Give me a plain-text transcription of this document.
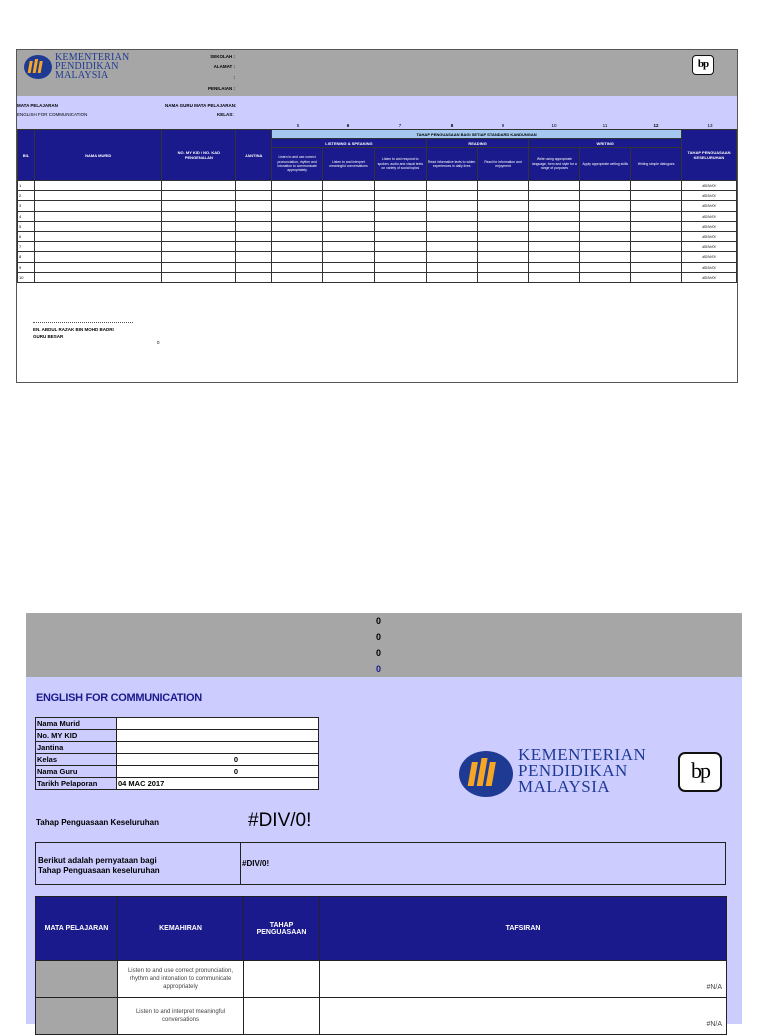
KEMENTERIAN
PENDIDIKAN
MALAYSIA
SEKOLAH :
ALAMAT :
:
PENILAIAN :
bp
MATA PELAJARAN
ENGLISH FOR COMMUNICATION
NAMA GURU MATA PELAJARAN:
KELAS:
5	6	7	8	9	10	11	12	13
BIL	NAMA MURID	NO. MY KID / NO. KAD PENGENALAN	JANTINA	TAHAP PENGUASAAN BAGI SETIAP STANDARD KANDUNGAN								TAHAP PENGUASAAN KESELURUHAN
				LISTENING & SPEAKING			READING		WRITING			
				Listen to and use correct pronunciation, rhythm and intonation to communicate appropriately	Listen to and interpret meaningful conversations	Listen to and respond to spoken, audio and visual texts on variety of social topics	Read informative texts to widen experiences in daily lives	Read for information and enjoyment	Write using appropriate language, form and style for a range of purposes	Apply appropriate writing skills	Writing simple dialogues	
1												#DIV/0!
2												#DIV/0!
3												#DIV/0!
4												#DIV/0!
5												#DIV/0!
6												#DIV/0!
7												#DIV/0!
8												#DIV/0!
9												#DIV/0!
10												#DIV/0!
EN. ABDUL RAZAK BIN MOHD BADRI
GURU BESAR
0
0
0
0
0
ENGLISH FOR COMMUNICATION
Nama Murid	
No. MY KID	
Jantina	
Kelas	0
Nama Guru	0
Tarikh Pelaporan	04 MAC 2017
KEMENTERIAN
PENDIDIKAN
MALAYSIA
bp
Tahap Penguasaan Keseluruhan	#DIV/0!
Berikut adalah pernyataan bagi
Tahap Penguasaan keseluruhan
#DIV/0!
MATA PELAJARAN	KEMAHIRAN	TAHAP PENGUASAAN	TAFSIRAN
	Listen to and use correct pronunciation, rhythm and intonation to communicate appropriately		#N/A
	Listen to and interpret meaningful conversations		#N/A
